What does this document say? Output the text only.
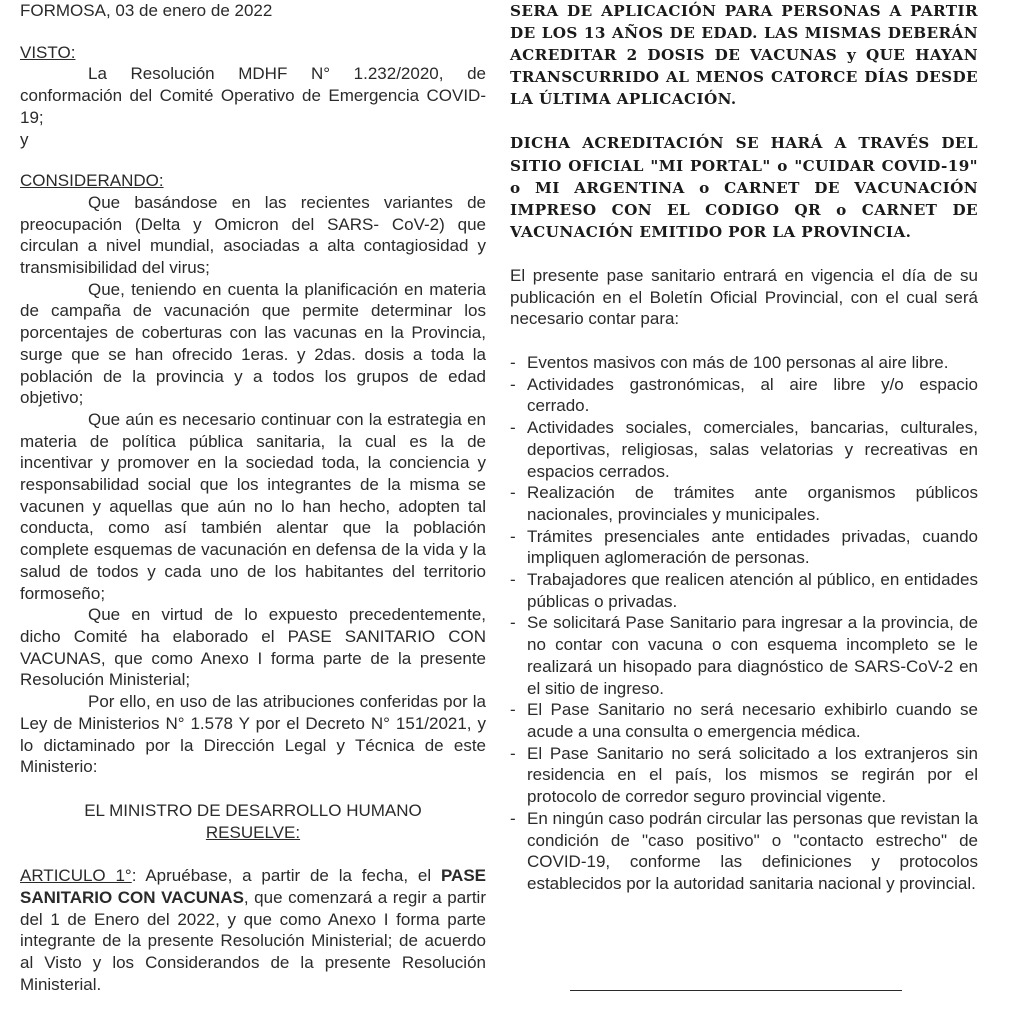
FORMOSA, 03 de enero de 2022

VISTO:

La Resolución MDHF N° 1.232/2020, de conformación del Comité Operativo de Emergencia COVID-19;

y

CONSIDERANDO:

Que basándose en las recientes variantes de preocupación (Delta y Omicron del SARS- CoV-2) que circulan a nivel mundial, asociadas a alta contagiosidad y transmisibilidad del virus;

Que, teniendo en cuenta la planificación en materia de campaña de vacunación que permite determinar los porcentajes de coberturas con las vacunas en la Provincia, surge que se han ofrecido 1eras. y 2das. dosis a toda la población de la provincia y a todos los grupos de edad objetivo;

Que aún es necesario continuar con la estrategia en materia de política pública sanitaria, la cual es la de incentivar y promover en la sociedad toda, la conciencia y responsabilidad social que los integrantes de la misma se vacunen y aquellas que aún no lo han hecho, adopten tal conducta, como así también alentar que la población complete esquemas de vacunación en defensa de la vida y la salud de todos y cada uno de los habitantes del territorio formoseño;

Que en virtud de lo expuesto precedentemente, dicho Comité ha elaborado el PASE SANITARIO CON VACUNAS, que como Anexo I forma parte de la presente Resolución Ministerial;

Por ello, en uso de las atribuciones conferidas por la Ley de Ministerios N° 1.578 Y por el Decreto N° 151/2021, y lo dictaminado por la Dirección Legal y Técnica de este Ministerio:

EL MINISTRO DE DESARROLLO HUMANO

RESUELVE:

ARTICULO 1°: Apruébase, a partir de la fecha, el PASE SANITARIO CON VACUNAS, que comenzará a regir a partir del 1 de Enero del 2022, y que como Anexo I forma parte integrante de la presente Resolución Ministerial; de acuerdo al Visto y los Considerandos de la presente Resolución Ministerial.

SERA DE APLICACIÓN PARA PERSONAS A PARTIR DE LOS 13 AÑOS DE EDAD. LAS MISMAS DEBERÁN ACREDITAR 2 DOSIS DE VACUNAS y QUE HAYAN TRANSCURRIDO AL MENOS CATORCE DÍAS DESDE LA ÚLTIMA APLICACIÓN.

DICHA ACREDITACIÓN SE HARÁ A TRAVÉS DEL SITIO OFICIAL "MI PORTAL" o "CUIDAR COVID-19" o MI ARGENTINA o CARNET DE VACUNACIÓN IMPRESO CON EL CODIGO QR o CARNET DE VACUNACIÓN EMITIDO POR LA PROVINCIA.

El presente pase sanitario entrará en vigencia el día de su publicación en el Boletín Oficial Provincial, con el cual será necesario contar para:

- Eventos masivos con más de 100 personas al aire libre.
- Actividades gastronómicas, al aire libre y/o espacio cerrado.
- Actividades sociales, comerciales, bancarias, culturales, deportivas, religiosas, salas velatorias y recreativas en espacios cerrados.
- Realización de trámites ante organismos públicos nacionales, provinciales y municipales.
- Trámites presenciales ante entidades privadas, cuando impliquen aglomeración de personas.
- Trabajadores que realicen atención al público, en entidades públicas o privadas.
- Se solicitará Pase Sanitario para ingresar a la provincia, de no contar con vacuna o con esquema incompleto se le realizará un hisopado para diagnóstico de SARS-CoV-2 en el sitio de ingreso.
- El Pase Sanitario no será necesario exhibirlo cuando se acude a una consulta o emergencia médica.
- El Pase Sanitario no será solicitado a los extranjeros sin residencia en el país, los mismos se regirán por el protocolo de corredor seguro provincial vigente.
- En ningún caso podrán circular las personas que revistan la condición de "caso positivo" o "contacto estrecho" de COVID-19, conforme las definiciones y protocolos establecidos por la autoridad sanitaria nacional y provincial.
